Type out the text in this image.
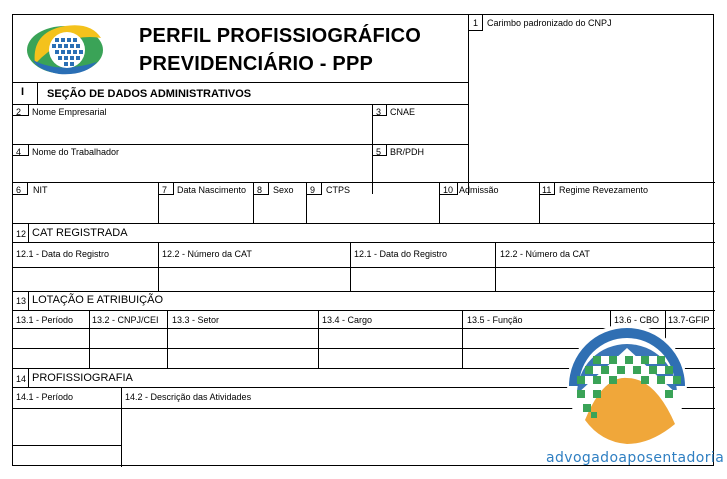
PERFIL PROFISSIOGRÁFICO
PREVIDENCIÁRIO - PPP
1 Carimbo padronizado do CNPJ
I SEÇÃO DE DADOS ADMINISTRATIVOS
2 Nome Empresarial	3 CNAE
4 Nome do Trabalhador	5 BR/PDH
6 NIT	7 Data Nascimento 8 Sexo 9 CTPS	10 Admissão	11 Regime Revezamento
12 CAT REGISTRADA
12.1 - Data do Registro	12.2 - Número da CAT	12.1 - Data do Registro	12.2 - Número da CAT
13 LOTAÇÃO E ATRIBUIÇÃO
13.1 - Período 13.2 - CNPJ/CEI 13.3 - Setor	13.4 - Cargo	13.5 - Função	13.6 - CBO 13.7-GFIP
14 PROFISSIOGRAFIA
14.1 - Período	14.2 - Descrição das Atividades
advogadoaposentadoria
